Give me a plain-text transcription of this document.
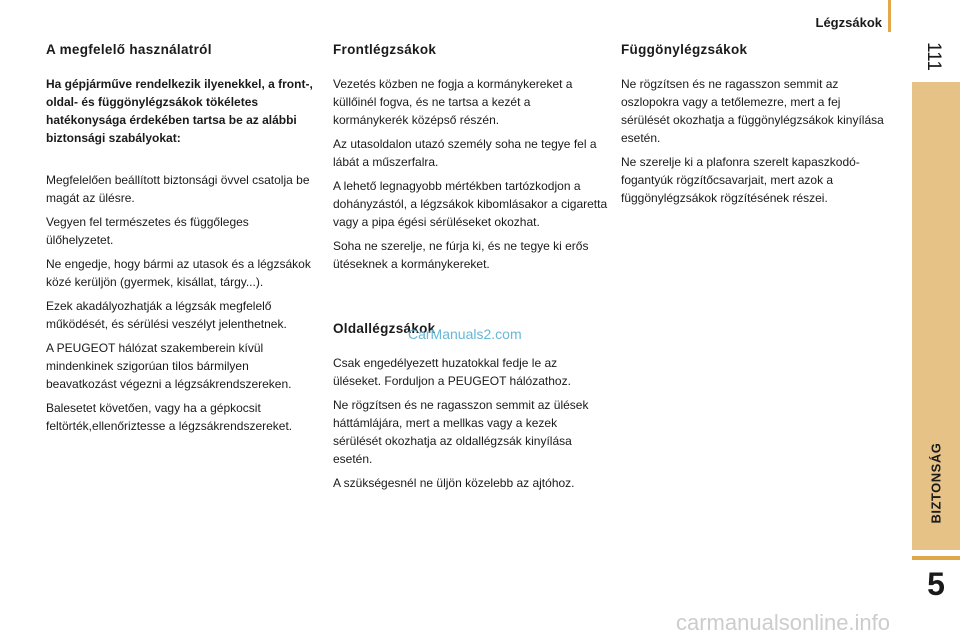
Légzsákok
111
BIZTONSÁG
5
A megfelelő használatról
Ha gépjárműve rendelkezik ilyenekkel, a front-, oldal- és függönylégzsákok tökéletes hatékonysága érdekében tartsa be az alábbi biztonsági szabályokat:

Megfelelően beállított biztonsági övvel csatolja be magát az ülésre.

Vegyen fel természetes és függőleges ülőhelyzetet.

Ne engedje, hogy bármi az utasok és a légzsákok közé kerüljön (gyermek, kisállat, tárgy...).

Ezek akadályozhatják a légzsák megfelelő működését, és sérülési veszélyt jelenthetnek.

A PEUGEOT hálózat szakemberein kívül mindenkinek szigorúan tilos bármilyen beavatkozást végezni a légzsákrendszereken.

Balesetet követően, vagy ha a gépkocsit feltörték,ellenőriztesse a légzsákrendszereket.

Frontlégzsákok

Vezetés közben ne fogja a kormánykereket a küllőinél fogva, és ne tartsa a kezét a kormánykerék középső részén.

Az utasoldalon utazó személy soha ne tegye fel a lábát a műszerfalra.

A lehető legnagyobb mértékben tartózkodjon a dohányzástól, a légzsákok kibomlásakor a cigaretta vagy a pipa égési sérüléseket okozhat.

Soha ne szerelje, ne fúrja ki, és ne tegye ki erős ütéseknek a kormánykereket.

Oldallégzsákok

Csak engedélyezett huzatokkal fedje le az üléseket. Forduljon a PEUGEOT hálózathoz.

Ne rögzítsen és ne ragasszon semmit az ülések háttámlájára, mert a mellkas vagy a kezek sérülését okozhatja az oldallégzsák kinyílása esetén.

A szükségesnél ne üljön közelebb az ajtóhoz.

Függönylégzsákok

Ne rögzítsen és ne ragasszon semmit az oszlopokra vagy a tetőlemezre, mert a fej sérülését okozhatja a függönylégzsákok kinyílása esetén.

Ne szerelje ki a plafonra szerelt kapaszkodó-fogantyúk rögzítőcsavarjait, mert azok a függönylégzsákok rögzítésének részei.

CarManuals2.com
carmanualsonline.info
